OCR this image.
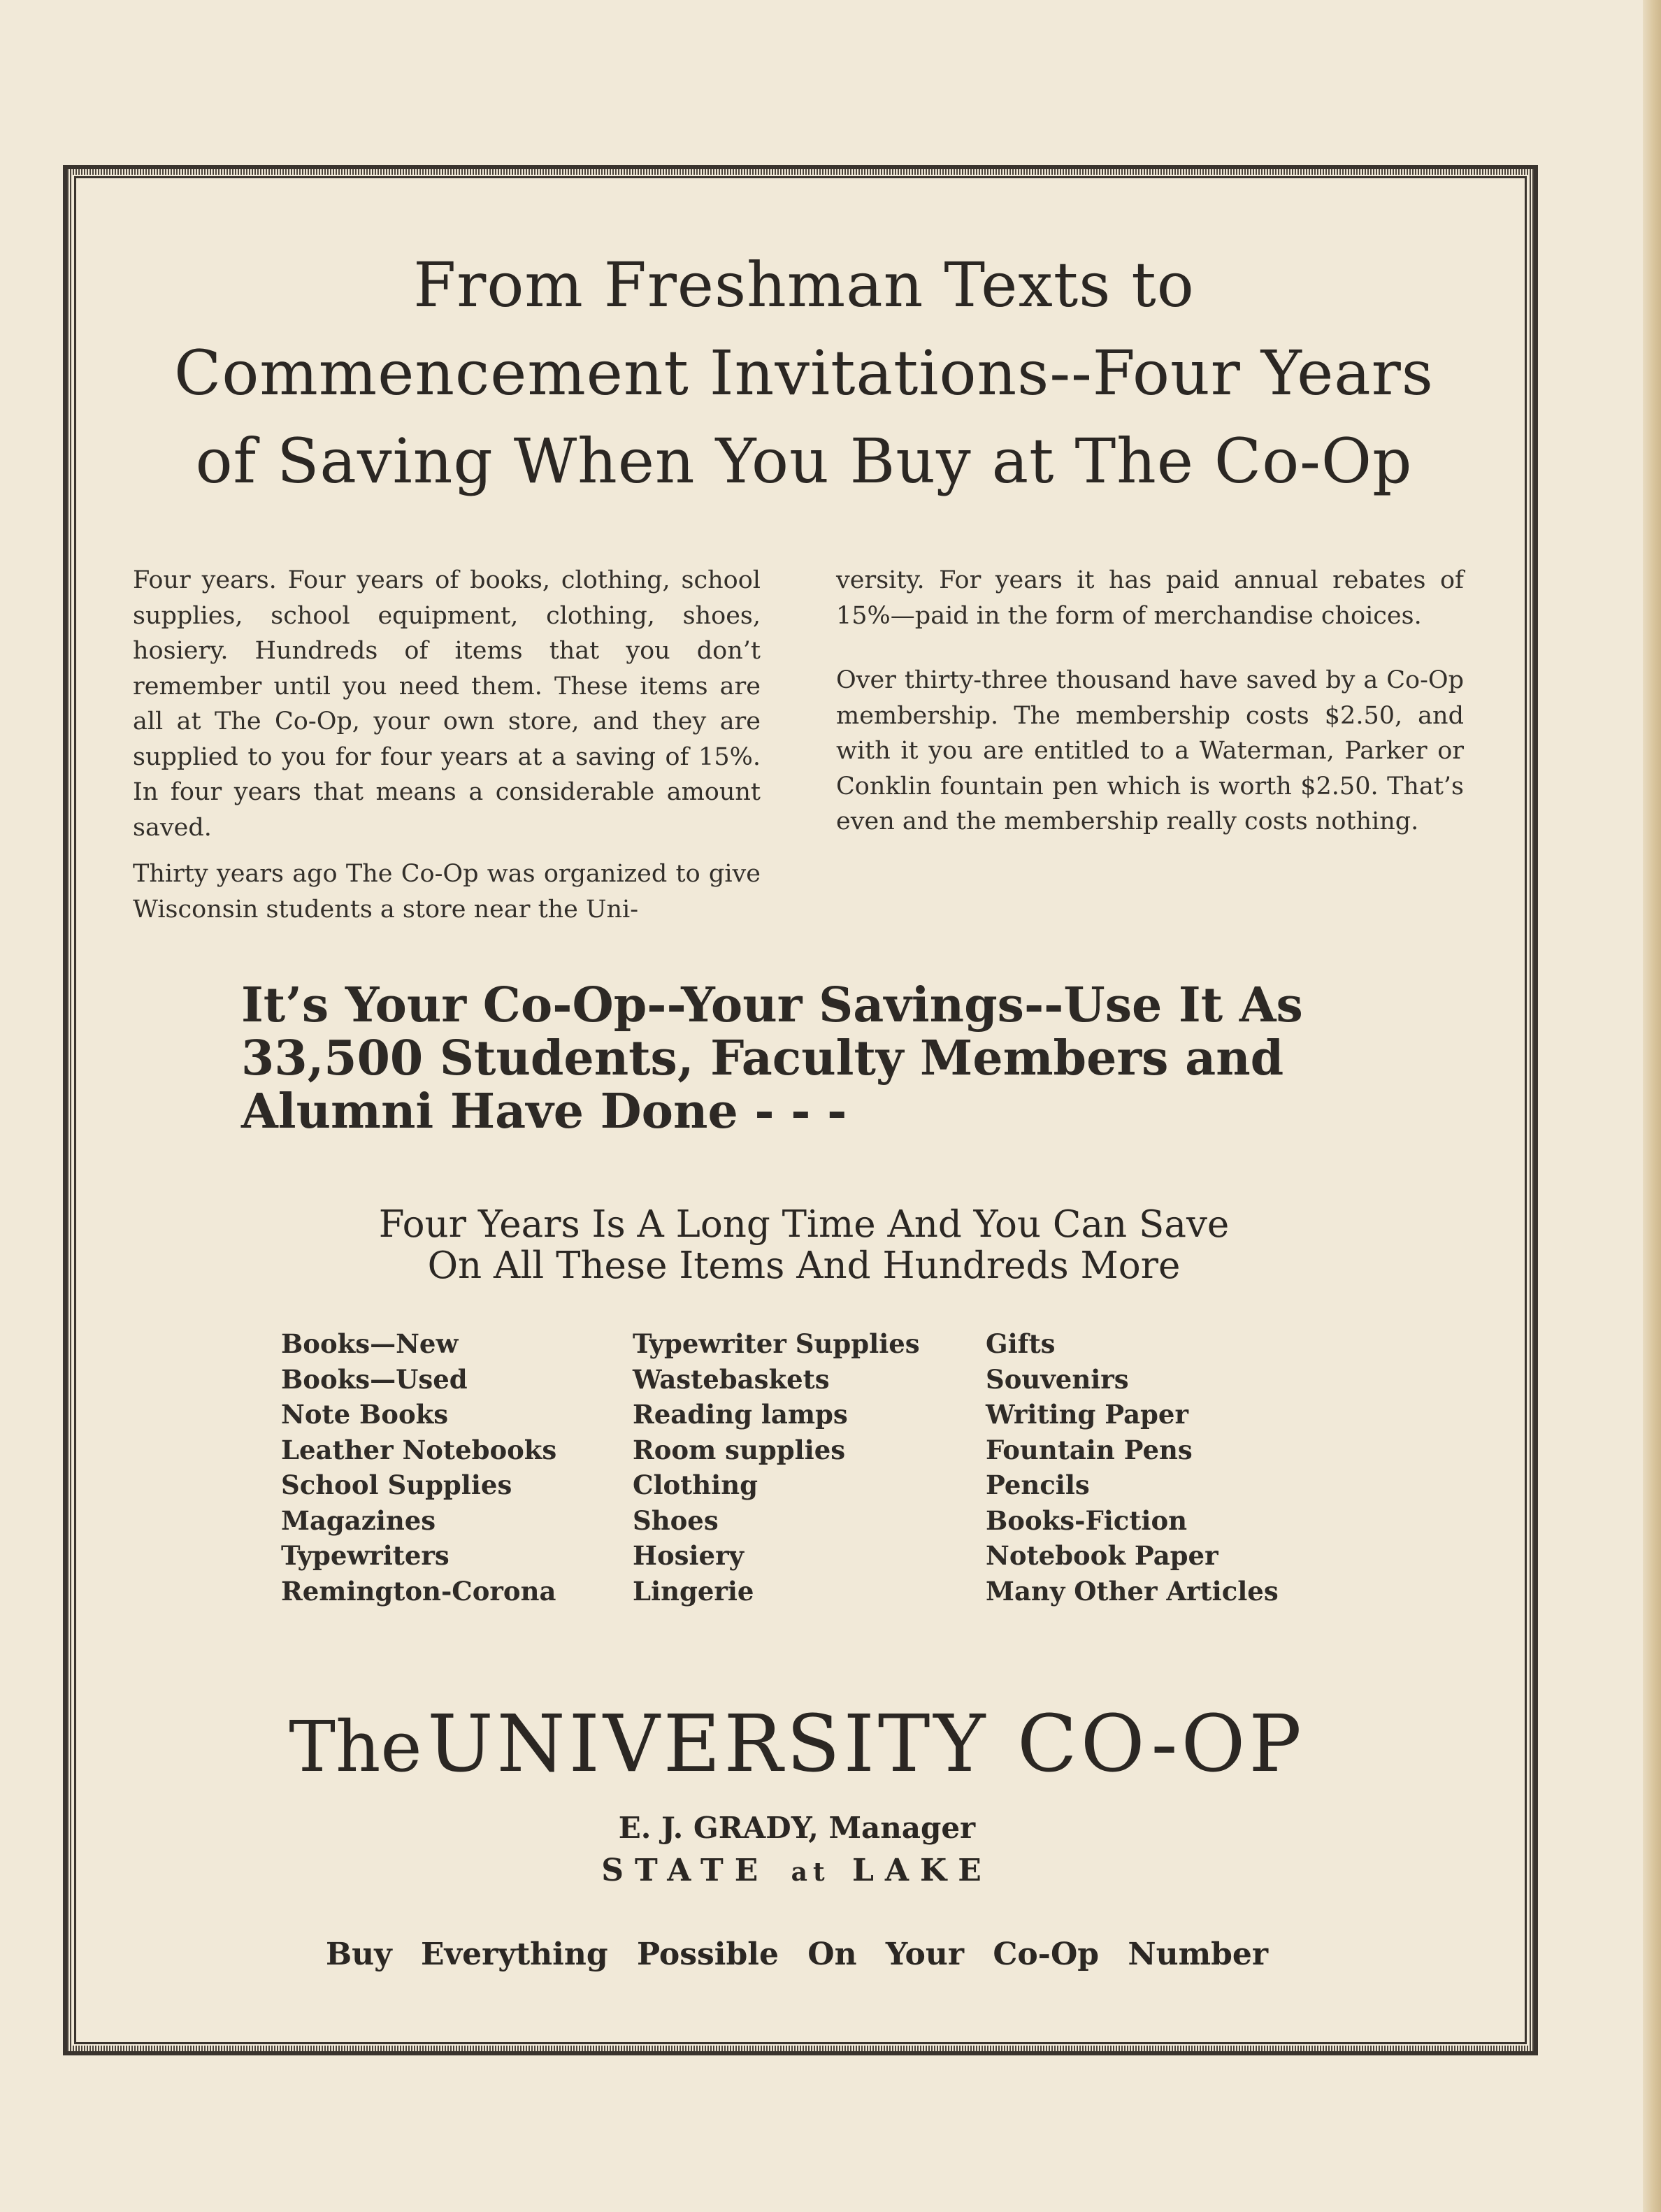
From Freshman Texts to
Commencement Invitations--Four Years
of Saving When You Buy at The Co-Op

Four years. Four years of books, clothing, school supplies, school equipment, clothing, shoes, hosiery. Hundreds of items that you don’t remember until you need them. These items are all at The Co-Op, your own store, and they are supplied to you for four years at a saving of 15%. In four years that means a considerable amount saved.

Thirty years ago The Co-Op was organized to give Wisconsin students a store near the Uni-

versity. For years it has paid annual rebates of 15%—paid in the form of merchandise choices.

Over thirty-three thousand have saved by a Co-Op membership. The membership costs $2.50, and with it you are entitled to a Waterman, Parker or Conklin fountain pen which is worth $2.50. That’s even and the membership really costs nothing.

It’s Your Co-Op--Your Savings--Use It As
33,500 Students, Faculty Members and
Alumni Have Done - - -
Four Years Is A Long Time And You Can Save
On All These Items And Hundreds More
Books—New
Books—Used
Note Books
Leather Notebooks
School Supplies
Magazines
Typewriters
Remington-Corona
Typewriter Supplies
Wastebaskets
Reading lamps
Room supplies
Clothing
Shoes
Hosiery
Lingerie
Gifts
Souvenirs
Writing Paper
Fountain Pens
Pencils
Books-Fiction
Notebook Paper
Many Other Articles
The UNIVERSITY CO-OP
E. J. GRADY, Manager
STATE at LAKE
Buy Everything Possible On Your Co-Op Number
